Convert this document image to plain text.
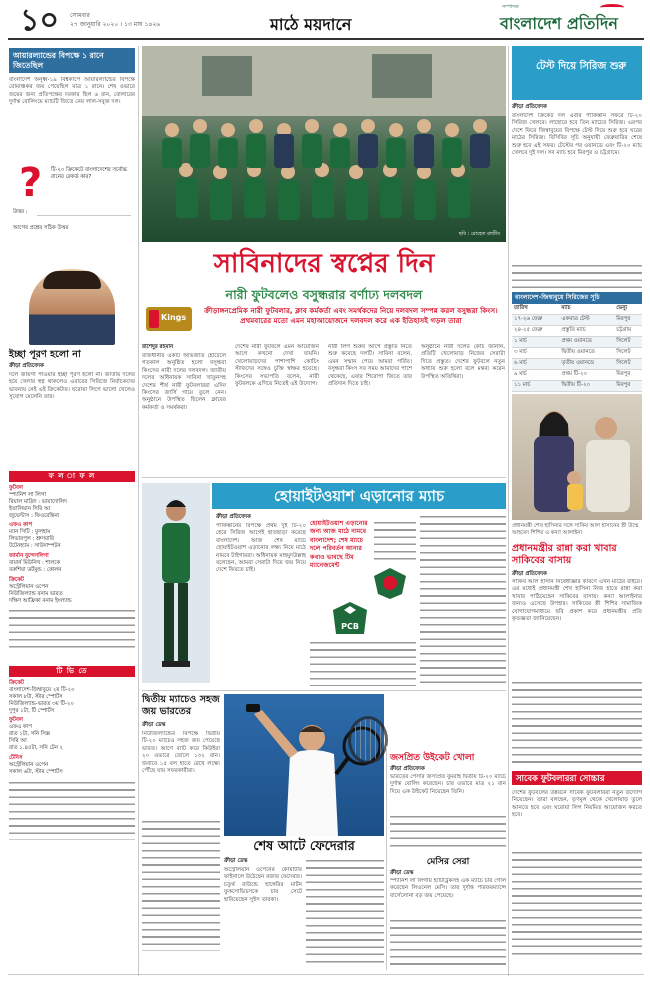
১০ সোমবার
২৭ জানুয়ারি ২০২০ । ১৩ মাঘ ১৪২৬	মাঠে ময়দানে
সম্পাদক
বাংলাদেশ প্রতিদিন
আয়ারল্যান্ডের বিপক্ষে ১ রানে জিতেছিল
বাংলাদেশ অনূর্ধ্ব-১৯ বিশ্বকাপে আয়ারল্যান্ডের বিপক্ষে রোমাঞ্চকর জয় পেয়েছিল মাত্র ১ রানে। শেষ ওভারে জয়ের জন্য প্রতিপক্ষের দরকার ছিল ৬ রান, বোলারের দুর্দান্ত বোলিংয়ে ম্যাচটি জিতে নেয় লাল-সবুজ দল।
? টি-২০ ক্রিকেটে বাংলাদেশের সর্বোচ্চ রানের রেকর্ড কার?
উত্তর :
আগের প্রশ্নের সঠিক উত্তর
ইচ্ছা পূরণ হলো না
ক্রীড়া প্রতিবেদক
দলে জায়গা পাওয়ার ইচ্ছা পূরণ হলো না। জাতীয় দলের হয়ে খেলার স্বপ্ন থাকলেও এবারের সিরিজে নির্বাচকদের ভাবনায় নেই এই ক্রিকেটার। ঘরোয়া লিগে ভালো খেলেও সুযোগ মেলেনি তার।
ফ ল া ফ ল
ফুটবল
স্প্যানিশ লা লিগা
রিয়াল মাদ্রিদ : ভায়াদোলিদ
ইতালিয়ান সিরি আ
জুভেন্টাস : ফিওরেন্তিনা
এফএ কাপ
ম্যান সিটি : ফুলহাম
লিভারপুল : শ্রুসবারি
টটেনহ্যাম : সাউদাম্পটন
জার্মান বুন্দেসলিগা
বায়ার্ন মিউনিখ : শালকে
বরুশিয়া ডর্টমুন্ড : কোলন
ক্রিকেট
অস্ট্রেলিয়ান ওপেন
নিউজিল্যান্ড বনাম ভারত
দক্ষিণ আফ্রিকা বনাম ইংল্যান্ড
টি ভি তে
ক্রিকেট
বাংলাদেশ-জিম্বাবুয়ে ২য় টি-২০
সকাল ৮টা, স্টার স্পোর্টস
নিউজিল্যান্ড-ভারত ৩য় টি-২০
দুপুর ১টা, টি স্পোর্টস
ফুটবল
এফএ কাপ
রাত ১টা, সনি সিক্স
সিরি আ
রাত ১.৪৫টা, সনি টেন ২
টেনিস
অস্ট্রেলিয়ান ওপেন
সকাল ৬টা, স্টার স্পোর্টস
ছবি : রোহেত রাজীব
টেস্ট দিয়ে সিরিজ শুরু
ক্রীড়া প্রতিবেদক
বাংলাদেশ ক্রিকেট দল এবার পাকিস্তান সফরে টি-২০ সিরিজ খেলবে। লাহোরে হবে তিন ম্যাচের সিরিজ। এরপর দেশে ফিরে জিম্বাবুয়ের বিপক্ষে টেস্ট দিয়ে শুরু হবে ঘরের মাঠের সিরিজ। বিসিবির সূচি অনুযায়ী ফেব্রুয়ারির শেষে শুরু হবে এই সফর। টেস্টের পর ওয়ানডে এবং টি-২০ ম্যাচ খেলবে দুই দল। সব ম্যাচ হবে মিরপুর ও চট্টগ্রামে।
সাবিনাদের স্বপ্নের দিন
নারী ফুটবলেও বসুন্ধরার বর্ণাঢ্য দলবদল
Kings
ক্রীড়াঙ্গনপ্রেমিক নারী ফুটবলার, ক্লাব কর্মকর্তা এবং সমর্থকদের নিয়ে দলবদল সম্পন্ন করল বসুন্ধরা কিংস। প্রথমবারের মতো এমন মহাআয়োজনে দলবদল করে এক ইতিহাসই গড়ল তারা
রাশেদুর রহমান
রাজধানীর একটি অভিজাত হোটেলে গতকাল অনুষ্ঠিত হলো বসুন্ধরা কিংসের নারী দলের দলবদল। জাতীয় দলের অধিনায়ক সাবিনা খাতুনসহ দেশের শীর্ষ নারী ফুটবলাররা এদিন কিংসের জার্সি গায়ে তুলে নেন। অনুষ্ঠানে উপস্থিত ছিলেন ক্লাবের কর্মকর্তা ও সমর্থকরা।
দেশের নারী ফুটবলে এমন আয়োজন আগে কখনো দেখা যায়নি। খেলোয়াড়দের পাশাপাশি কোচিং স্টাফদের সঙ্গেও চুক্তি স্বাক্ষর হয়েছে। কিংসের সভাপতি বলেন, নারী ফুটবলকে এগিয়ে নিতেই এই উদ্যোগ।
নারী লিগ শুরুর আগে প্রস্তুতি নিতে শুরু করেছে দলটি। সাবিনা বলেন, এমন সম্মান পেয়ে আমরা গর্বিত। বসুন্ধরা কিংস সব সময় আমাদের পাশে থেকেছে, এবার শিরোপা জিতে তার প্রতিদান দিতে চাই।
অনুষ্ঠানে নারী দলের কোচ জানান, প্রতিটি খেলোয়াড় নিজের সেরাটা দিতে প্রস্তুত। দেশের ফুটবলে নতুন অধ্যায় শুরু হলো বলে মন্তব্য করেন উপস্থিত অতিথিরা।
বাংলাদেশ-জিম্বাবুয়ে সিরিজের সূচি
তারিখ	ম্যাচ	ভেন্যু
১৭-২৬ ফেব্রু	একমাত্র টেস্ট	মিরপুর
২৪-২৫ ফেব্রু	প্রস্তুতি ম্যাচ	চট্টগ্রাম
১ মার্চ	প্রথম ওয়ানডে	সিলেট
৩ মার্চ	দ্বিতীয় ওয়ানডে	সিলেট
৬ মার্চ	তৃতীয় ওয়ানডে	সিলেট
৯ মার্চ	প্রথম টি-২০	মিরপুর
১১ মার্চ	দ্বিতীয় টি-২০	মিরপুর
প্রধানমন্ত্রী শেখ হাসিনার সঙ্গে সাকিব আল হাসানের স্ত্রী উম্মে আহমেদ শিশির ও কন্যা আলাইনা
প্রধানমন্ত্রীর রান্না করা খাবার সাকিবের বাসায়
ক্রীড়া প্রতিবেদক
সাকিব আল হাসান নিষেধাজ্ঞার কারণে এখন মাঠের বাইরে। এর মধ্যেই প্রধানমন্ত্রী শেখ হাসিনা নিজ হাতে রান্না করা খাবার পাঠিয়েছেন সাকিবের বাসায়। কন্যা আলাইনার জন্যও এসেছে উপহার। সাকিবের স্ত্রী শিশির সামাজিক যোগাযোগমাধ্যমে ছবি প্রকাশ করে প্রধানমন্ত্রীর প্রতি কৃতজ্ঞতা জানিয়েছেন।
সাবেক ফুটবলাররা সোচ্চার
দেশের ফুটবলের উন্নয়নে সাবেক ফুটবলাররা নতুন উদ্যোগ নিয়েছেন। তারা বলছেন, তৃণমূল থেকে খেলোয়াড় তুলে আনতে হবে এবং ঘরোয়া লিগ নিয়মিত আয়োজন করতে হবে।
হোয়াইটওয়াশ এড়ানোর ম্যাচ
ক্রীড়া প্রতিবেদক
পাকিস্তানের বিপক্ষে প্রথম দুই টি-২০ হেরে সিরিজ আগেই হাতছাড়া করেছে বাংলাদেশ। আজ শেষ ম্যাচে হোয়াইটওয়াশ এড়ানোর লক্ষ্য নিয়ে মাঠে নামবে টাইগাররা। অধিনায়ক মাহমুদউল্লাহ বলেছেন, আমরা সেরাটা দিয়ে জয় নিয়ে দেশে ফিরতে চাই।
হোয়াইটওয়াশ এড়ানোর জন্য আজ মাঠে নামবে বাংলাদেশ; শেষ ম্যাচে দলে পরিবর্তন আনার কথাও ভাবছে টিম ম্যানেজমেন্ট
PCB
দ্বিতীয় ম্যাচেও সহজ জয় ভারতের
ক্রীড়া ডেস্ক
নিউজিল্যান্ডের বিপক্ষে দ্বিতীয় টি-২০ ম্যাচেও সহজ জয় পেয়েছে ভারত। আগে ব্যাট করে কিউইরা ২০ ওভারে তোলে ১৩২ রান। জবাবে ১৫ বল হাতে রেখে লক্ষ্যে পৌঁছে যায় সফরকারীরা।
শেষ আটে ফেদেরার
ক্রীড়া ডেস্ক
অস্ট্রেলিয়ান ওপেনের কোয়ার্টার ফাইনালে উঠেছেন রজার ফেদেরার। চতুর্থ রাউন্ডে হাঙ্গেরির মার্টন ফুকসোভিচসকে চার সেটে হারিয়েছেন সুইস তারকা।
জসপ্রিত উইকেট খোলা
ক্রীড়া প্রতিবেদক
ভারতের পেসার জসপ্রিত বুমরাহ দ্বিতীয় টি-২০ ম্যাচে দুর্দান্ত বোলিং করেছেন। চার ওভারে মাত্র ২১ রান দিয়ে এক উইকেট নিয়েছেন তিনি।
মেসির সেরা
ক্রীড়া ডেস্ক
স্প্যানিশ লা লিগায় হ্যাটট্রিকসহ এক ম্যাচে চার গোল করেছেন লিওনেল মেসি। তার দুর্দান্ত পারফরম্যান্সে বার্সেলোনা বড় জয় পেয়েছে।
